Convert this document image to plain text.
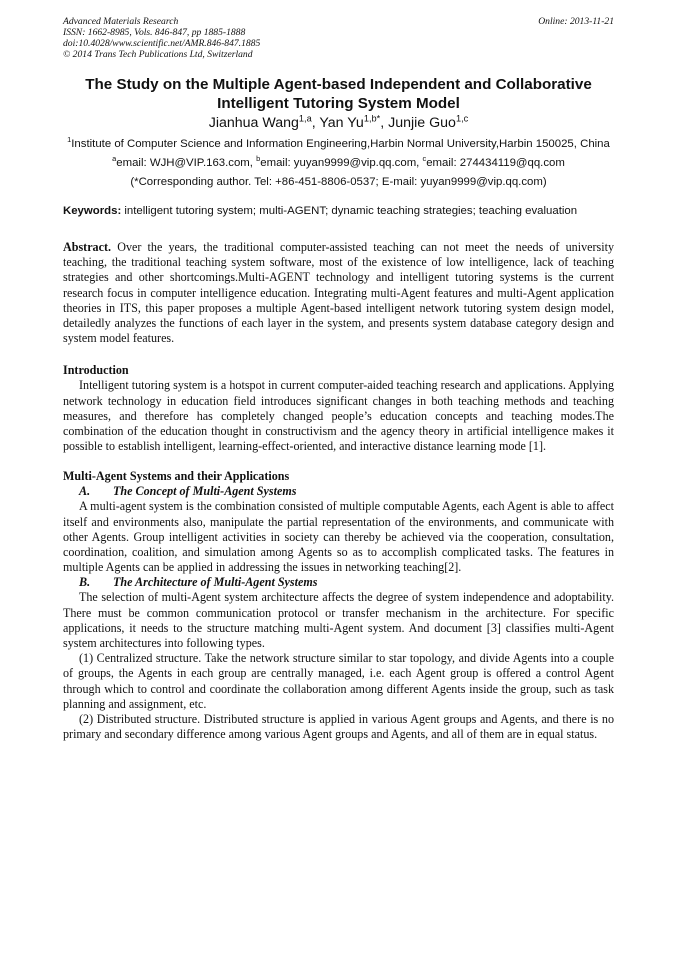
Advanced Materials Research
ISSN: 1662-8985, Vols. 846-847, pp 1885-1888
doi:10.4028/www.scientific.net/AMR.846-847.1885
© 2014 Trans Tech Publications Ltd, Switzerland
Online: 2013-11-21
The Study on the Multiple Agent-based Independent and Collaborative Intelligent Tutoring System Model
Jianhua Wang$^{1,a}$, Yan $Yu^{1,b*}$, Junjie Guo$^{1,c}$
$^1$Institute of Computer Science and Information Engineering,Harbin Normal University,Harbin 150025, China
$^a$email: WJH@VIP.163.com, $^b$email: yuyan9999@vip.qq.com, $^c$email: 274434119@qq.com
(*Corresponding author. Tel: +86-451-8806-0537; E-mail: yuyan9999@vip.qq.com)
Keywords: intelligent tutoring system; multi-AGENT; dynamic teaching strategies; teaching evaluation
Abstract. Over the years, the traditional computer-assisted teaching can not meet the needs of university teaching, the traditional teaching system software, most of the existence of low intelligence, lack of teaching strategies and other shortcomings.Multi-AGENT technology and intelligent tutoring systems is the current research focus in computer intelligence education. Integrating multi-Agent features and multi-Agent application theories in ITS, this paper proposes a multiple Agent-based intelligent network tutoring system design model, detailedly analyzes the functions of each layer in the system, and presents system database category design and system model features.
Introduction

Intelligent tutoring system is a hotspot in current computer-aided teaching research and applications. Applying network technology in education field introduces significant changes in both teaching methods and teaching measures, and therefore has completely changed people’s education concepts and teaching modes.The combination of the education thought in constructivism and the agency theory in artificial intelligence makes it possible to establish intelligent, learning-effect-oriented, and interactive distance learning mode [1].

Multi-Agent Systems and their Applications
A. The Concept of Multi-Agent Systems

A multi-agent system is the combination consisted of multiple computable Agents, each Agent is able to affect itself and environments also, manipulate the partial representation of the environments, and communicate with other Agents. Group intelligent activities in society can thereby be achieved via the cooperation, consultation, coordination, coalition, and simulation among Agents so as to accomplish complicated tasks. The features in multiple Agents can be applied in addressing the issues in networking teaching[2].

B. The Architecture of Multi-Agent Systems

The selection of multi-Agent system architecture affects the degree of system independence and adoptability. There must be common communication protocol or transfer mechanism in the architecture. For specific applications, it needs to the structure matching multi-Agent system. And document [3] classifies multi-Agent system architectures into following types.

(1) Centralized structure. Take the network structure similar to star topology, and divide Agents into a couple of groups, the Agents in each group are centrally managed, i.e. each Agent group is offered a control Agent through which to control and coordinate the collaboration among different Agents inside the group, such as task planning and assignment, etc.

(2) Distributed structure. Distributed structure is applied in various Agent groups and Agents, and there is no primary and secondary difference among various Agent groups and Agents, and all of them are in equal status.
